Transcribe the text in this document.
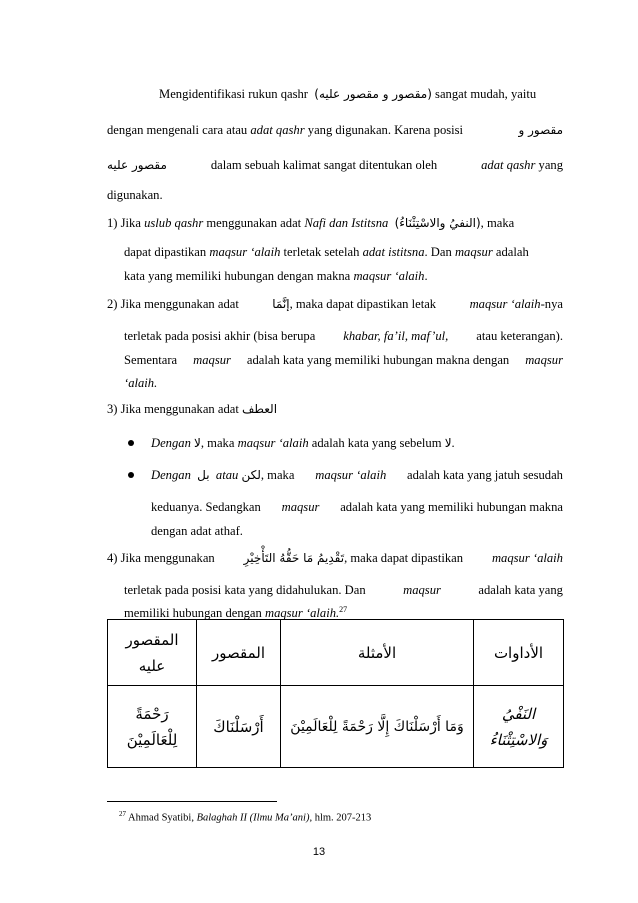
Mengidentifikasi rukun qashr (مقصور و مقصور عليه) sangat mudah, yaitu
dengan mengenali cara atau adat qashr yang digunakan. Karena posisi	مقصور و
مقصور عليه	dalam sebuah kalimat sangat ditentukan oleh	adat qashr yang
digunakan.
1) Jika uslub qashr menggunakan adat Nafi dan Istitsna (النفيُ والاسْتِثْنَاءُ), maka
dapat dipastikan maqsur ‘alaih terletak setelah adat istitsna. Dan maqsur adalah
kata yang memiliki hubungan dengan makna maqsur ‘alaih.
2) Jika menggunakan adat	إنَّمَا, maka dapat dipastikan letak	maqsur ‘alaih-nya
terletak pada posisi akhir (bisa berupa khabar, fa’il, maf’ul, atau keterangan).
Sementara maqsur adalah kata yang memiliki hubungan makna dengan maqsur
‘alaih.
3) Jika menggunakan adat العطف
Dengan لا, maka maqsur ‘alaih adalah kata yang sebelum لا.
Dengan بل atau لكن, maka maqsur ‘alaih adalah kata yang jatuh sesudah
keduanya. Sedangkan maqsur adalah kata yang memiliki hubungan makna
dengan adat athaf.
4) Jika menggunakan تَقْدِيمُ مَا حَقُّهُ التَأْخِيْرِ, maka dapat dipastikan maqsur ‘alaih
terletak pada posisi kata yang didahulukan. Dan	maqsur	adalah kata yang
memiliki hubungan dengan maqsur ‘alaih.$^{27}$
المقصور عليه	المقصور	الأمثلة	الأداوات

رَحْمَةً لِلْعَالَمِيْنَ	أَرْسَلْنَاكَ	وَمَا أَرْسَلْنَاكَ إِلَّا رَحْمَةً لِلْعَالَمِيْنَ	النَفْيُ وَالاسْتِثْنَاءُ
$^{27}$ Ahmad Syatibi, Balaghah II (Ilmu Ma’ani), hlm. 207-213
13
